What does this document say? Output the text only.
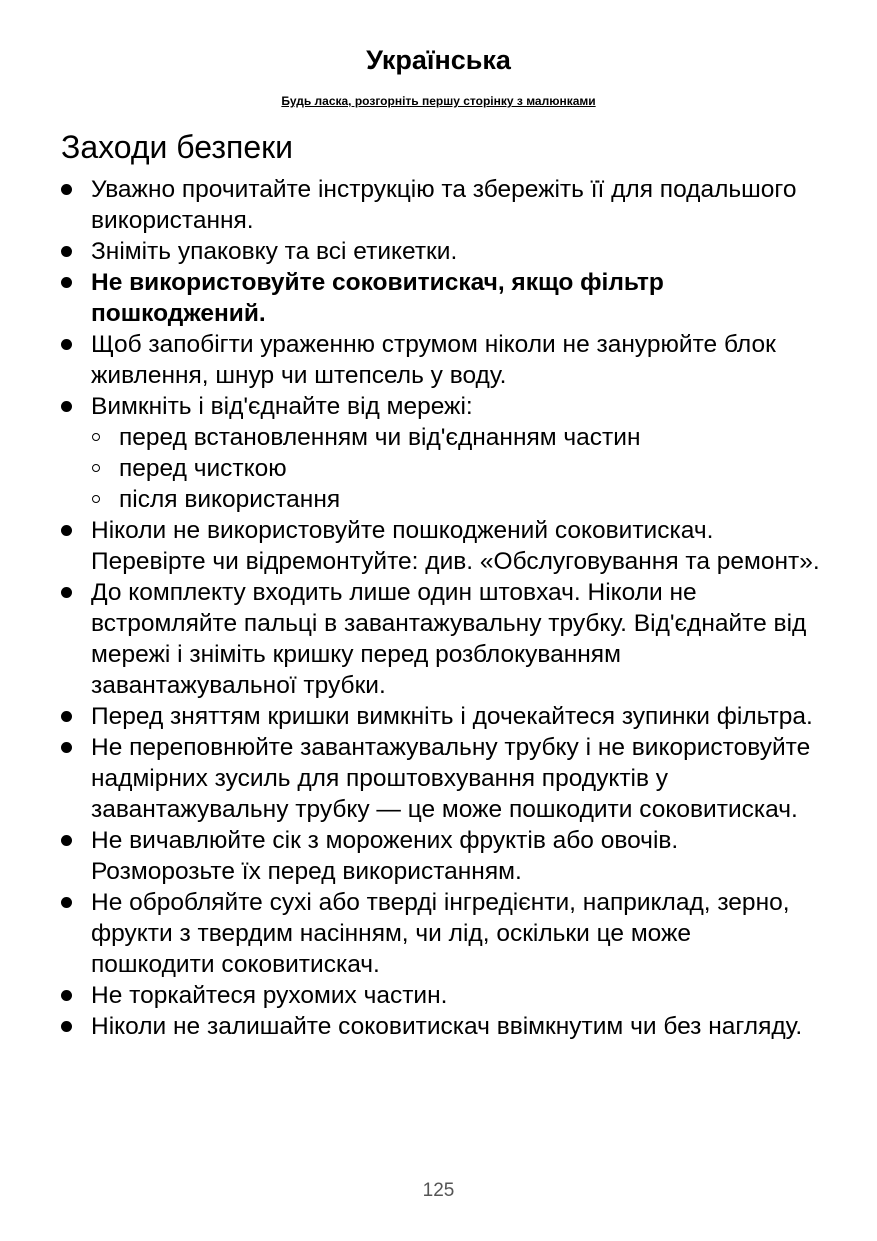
Українська
Будь ласка, розгорніть першу сторінку з малюнками
Заходи безпеки
Уважно прочитайте інструкцію та збережіть її для подальшого використання.
Зніміть упаковку та всі етикетки.
Не використовуйте соковитискач, якщо фільтр пошкоджений.
Щоб запобігти ураженню струмом ніколи не занурюйте блок живлення, шнур чи штепсель у воду.
Вимкніть і від'єднайте від мережі:
перед встановленням чи від'єднанням частин
перед чисткою
після використання
Ніколи не використовуйте пошкоджений соковитискач. Перевірте чи відремонтуйте: див. «Обслуговування та ремонт».
До комплекту входить лише один штовхач. Ніколи не встромляйте пальці в завантажувальну трубку. Від'єднайте від мережі і зніміть кришку перед розблокуванням завантажувальної трубки.
Перед зняттям кришки вимкніть і дочекайтеся зупинки фільтра.
Не переповнюйте завантажувальну трубку і не використовуйте надмірних зусиль для проштовхування продуктів у завантажувальну трубку — це може пошкодити соковитискач.
Не вичавлюйте сік з морожених фруктів або овочів. Розморозьте їх перед використанням.
Не обробляйте сухі або тверді інгредієнти, наприклад, зерно, фрукти з твердим насінням, чи лід, оскільки це може пошкодити соковитискач.
Не торкайтеся рухомих частин.
Ніколи не залишайте соковитискач ввімкнутим чи без нагляду.
125
